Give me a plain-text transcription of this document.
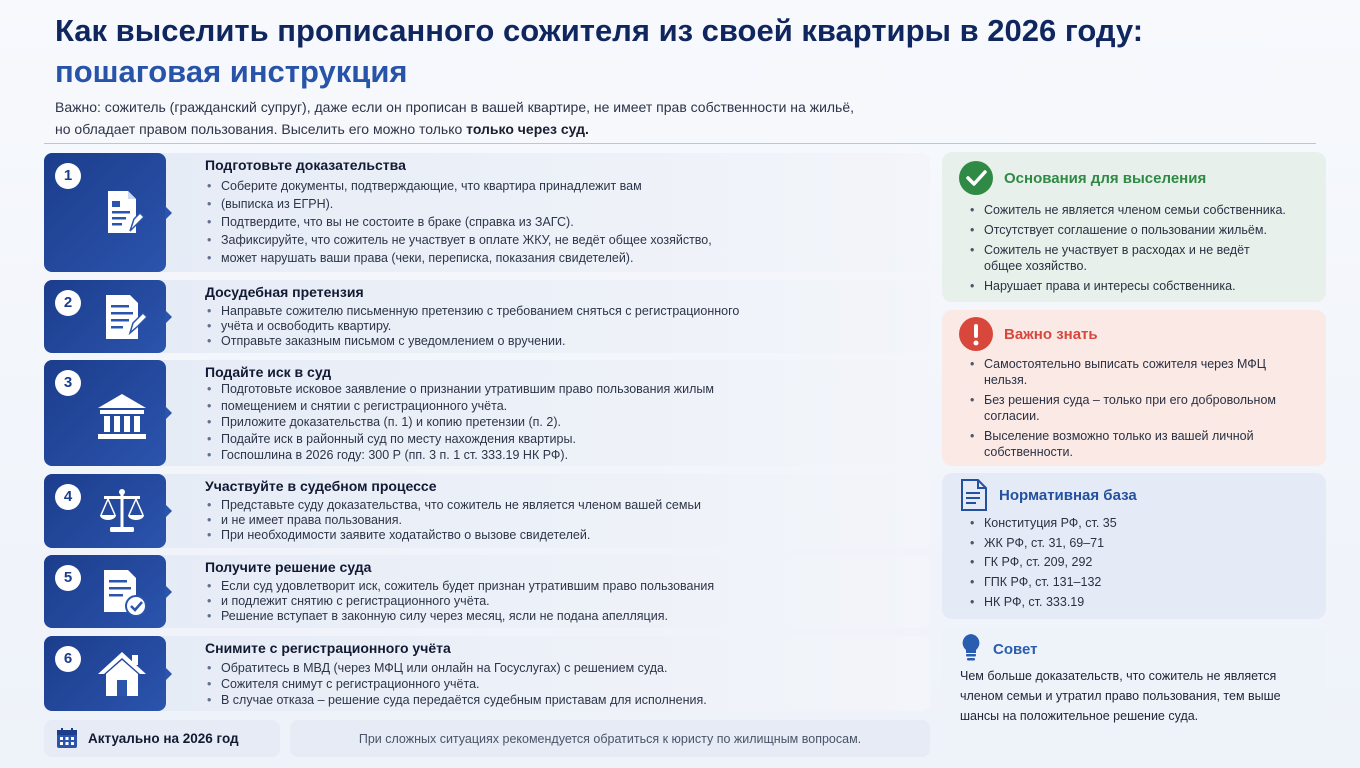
Как выселить прописанного сожителя из своей квартиры в 2026 году:
пошаговая инструкция
Важно: сожитель (гражданский супруг), даже если он прописан в вашей квартире, не имеет прав собственности на жильё,
но обладает правом пользования. Выселить его можно только только через суд.
1
Подготовьте доказательства
• Соберите документы, подтверждающие, что квартира принадлежит вам
• (выписка из ЕГРН).
• Подтвердите, что вы не состоите в браке (справка из ЗАГС).
• Зафиксируйте, что сожитель не участвует в оплате ЖКУ, не ведёт общее хозяйство,
• может нарушать ваши права (чеки, переписка, показания свидетелей).
2
Досудебная претензия
• Направьте сожителю письменную претензию с требованием сняться с регистрационного
• учёта и освободить квартиру.
• Отправьте заказным письмом с уведомлением о вручении.
3
Подайте иск в суд
• Подготовьте исковое заявление о признании утратившим право пользования жилым
• помещением и снятии с регистрационного учёта.
• Приложите доказательства (п. 1) и копию претензии (п. 2).
• Подайте иск в районный суд по месту нахождения квартиры.
• Госпошлина в 2026 году: 300 Р (пп. 3 п. 1 ст. 333.19 НК РФ).
4
Участвуйте в судебном процессе
• Представьте суду доказательства, что сожитель не является членом вашей семьи
• и не имеет права пользования.
• При необходимости заявите ходатайство о вызове свидетелей.
5
Получите решение суда
• Если суд удовлетворит иск, сожитель будет признан утратившим право пользования
• и подлежит снятию с регистрационного учёта.
• Решение вступает в законную силу через месяц, ясли не подана апелляция.
6
Снимите с регистрационного учёта
• Обратитесь в МВД (через МФЦ или онлайн на Госуслугах) с решением суда.
• Сожителя снимут с регистрационного учёта.
• В случае отказа – решение суда передаётся судебным приставам для исполнения.
Актуально на 2026 год	При сложных ситуациях рекомендуется обратиться к юристу по жилищным вопросам.
Основания для выселения
• Сожитель не является членом семьи собственника.
• Отсутствует соглашение о пользовании жильём.
• Сожитель не участвует в расходах и не ведёт общее хозяйство.
• Нарушает права и интересы собственника.
Важно знать
• Самостоятельно выписать сожителя через МФЦ нельзя.
• Без решения суда – только при его добровольном согласии.
• Выселение возможно только из вашей личной собственности.
Нормативная база
• Конституция РФ, ст. 35
• ЖК РФ, ст. 31, 69–71
• ГК РФ, ст. 209, 292
• ГПК РФ, ст. 131–132
• НК РФ, ст. 333.19
Совет
Чем больше доказательств, что сожитель не является членом семьи и утратил право пользования, тем выше шансы на положительное решение суда.
